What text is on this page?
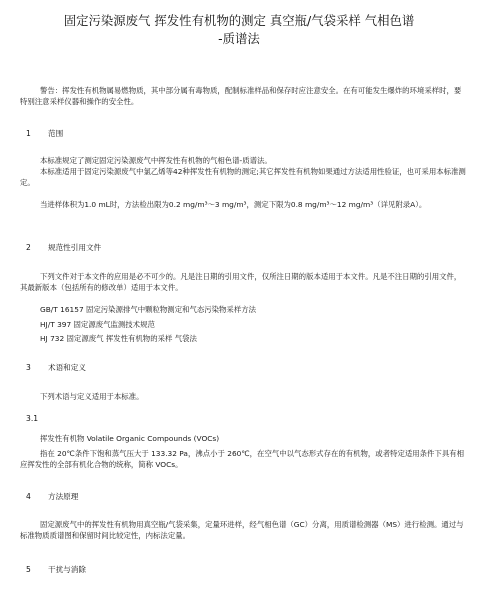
固定污染源废气 挥发性有机物的测定 真空瓶/气袋采样 气相色谱
-质谱法
警告：挥发性有机物属易燃物质，其中部分属有毒物质，配制标准样品和保存时应注意安全。在有可能发生爆炸的环境采样时，要特别注意采样仪器和操作的安全性。
1 范围
本标准规定了测定固定污染源废气中挥发性有机物的气相色谱-质谱法。
本标准适用于固定污染源废气中氯乙烯等42种挥发性有机物的测定;其它挥发性有机物如果通过方法适用性验证，也可采用本标准测定。
当进样体积为1.0 mL时，方法检出限为0.2 mg/m³～3 mg/m³，测定下限为0.8 mg/m³～12 mg/m³（详见附录A）。
2 规范性引用文件
下列文件对于本文件的应用是必不可少的。凡是注日期的引用文件，仅所注日期的版本适用于本文件。凡是不注日期的引用文件，其最新版本（包括所有的修改单）适用于本文件。
GB/T 16157 固定污染源排气中颗粒物测定和气态污染物采样方法
HJ/T 397 固定源废气监测技术规范
HJ 732 固定源废气 挥发性有机物的采样 气袋法
3 术语和定义
下列术语与定义适用于本标准。
3.1
挥发性有机物 Volatile Organic Compounds (VOCs)
指在 20℃条件下饱和蒸气压大于 133.32 Pa，沸点小于 260℃，在空气中以气态形式存在的有机物，或者特定适用条件下具有相应挥发性的全部有机化合物的统称，简称 VOCs。
4 方法原理
固定源废气中的挥发性有机物用真空瓶/气袋采集，定量环进样，经气相色谱（GC）分离，用质谱检测器（MS）进行检测。通过与标准物质质谱图和保留时间比较定性，内标法定量。
5 干扰与消除
